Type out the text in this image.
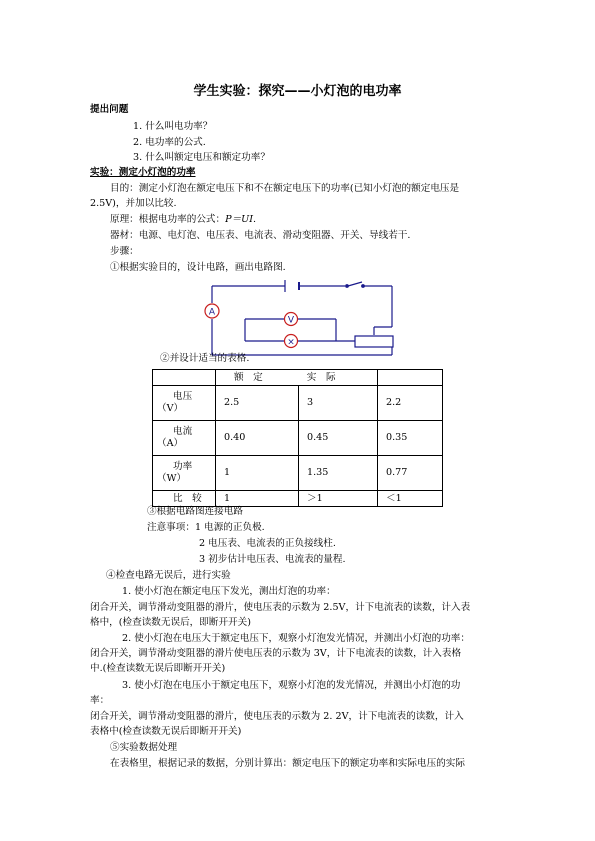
学生实验：探究——小灯泡的电功率
提出问题
1. 什么叫电功率？
2. 电功率的公式.
3. 什么叫额定电压和额定功率？
实验：测定小灯泡的功率
目的：测定小灯泡在额定电压下和不在额定电压下的功率(已知小灯泡的额定电压是
2.5V)，并加以比较.
原理：根据电功率的公式：P＝UI.
器材：电源、电灯泡、电压表、电流表、滑动变阻器、开关、导线若干.
步骤：
①根据实验目的，设计电路，画出电路图.
A
V
×
②并设计适当的表格.
	额　定 实　际		

电压
（V）	2.5	3	2.2

电流
（A）	0.40	0.45	0.35

功率
（W）	1	1.35	0.77
比　较	1	＞1	＜1
③根据电路图连接电路
注意事项：1 电源的正负极.
2 电压表、电流表的正负接线柱.
3 初步估计电压表、电流表的量程.
④检查电路无误后，进行实验
1. 使小灯泡在额定电压下发光，测出灯泡的功率：
闭合开关，调节滑动变阻器的滑片，使电压表的示数为 2.5V，计下电流表的读数，计入表
格中，(检查读数无误后，即断开开关)
2. 使小灯泡在电压大于额定电压下，观察小灯泡发光情况，并测出小灯泡的功率：
闭合开关，调节滑动变阻器的滑片使电压表的示数为 3V，计下电流表的读数，计入表格
中.(检查读数无误后即断开开关)
3. 使小灯泡在电压小于额定电压下，观察小灯泡的发光情况，并测出小灯泡的功
率：
闭合开关，调节滑动变阻器的滑片，使电压表的示数为 2. 2V，计下电流表的读数，计入
表格中(检查读数无误后即断开开关)
⑤实验数据处理
在表格里，根据记录的数据，分别计算出：额定电压下的额定功率和实际电压的实际
